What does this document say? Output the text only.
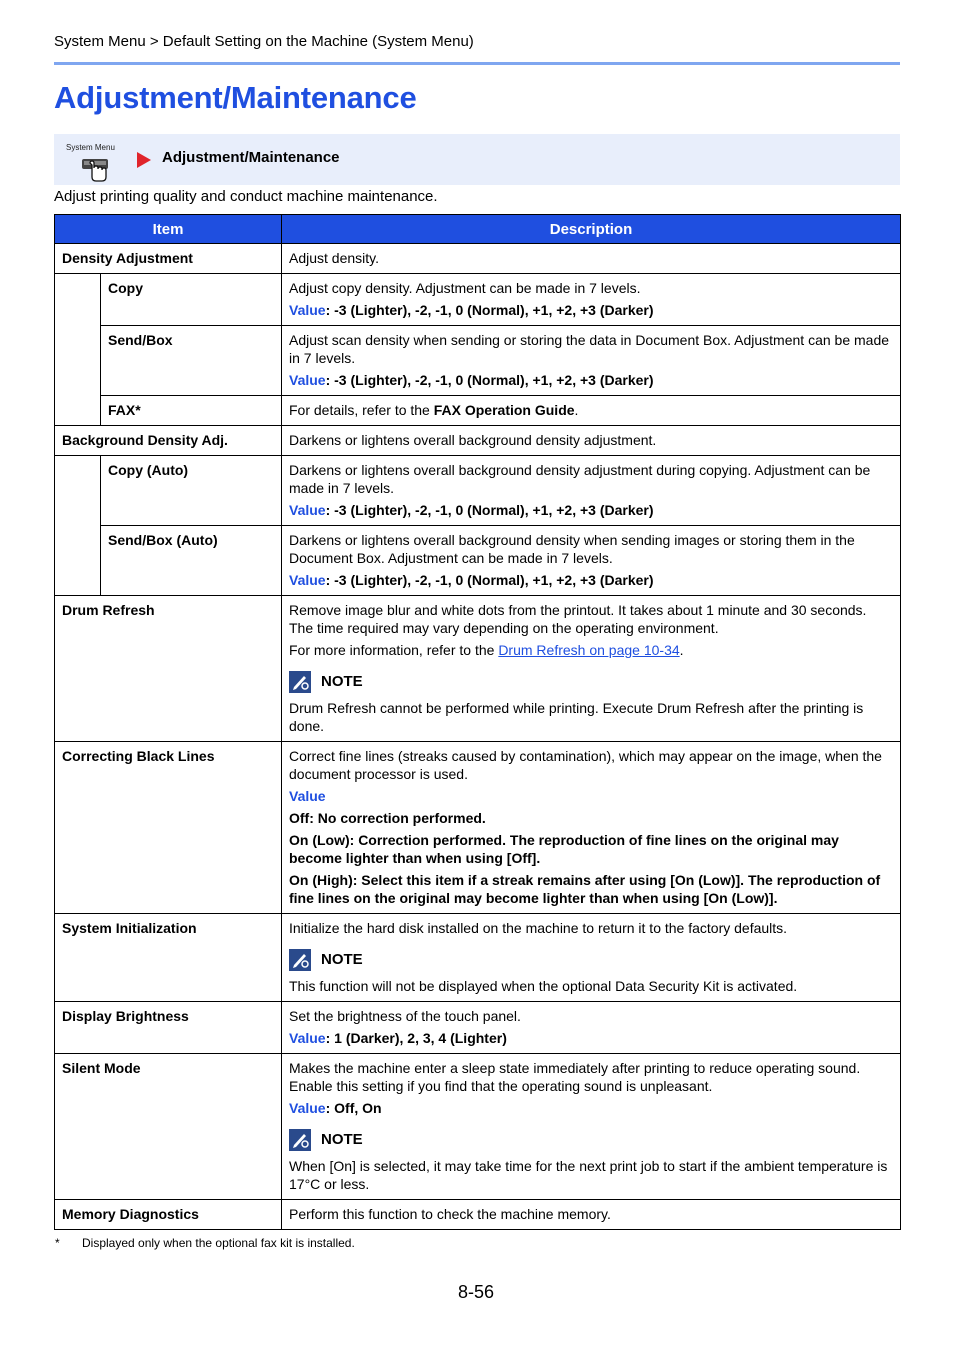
System Menu > Default Setting on the Machine (System Menu)
Adjustment/Maintenance
System Menu
Adjustment/Maintenance
Adjust printing quality and conduct machine maintenance.
Item		Description
Density Adjustment		Adjust density.

	Copy	Adjust copy density. Adjustment can be made in 7 levels.

Value: -3 (Lighter), -2, -1, 0 (Normal), +1, +2, +3 (Darker)

	Send/Box	Adjust scan density when sending or storing the data in Document Box. Adjustment can be made in 7 levels.

Value: -3 (Lighter), -2, -1, 0 (Normal), +1, +2, +3 (Darker)

	FAX*	For details, refer to the FAX Operation Guide.

Background Density Adj.		Darkens or lightens overall background density adjustment.

	Copy (Auto)	Darkens or lightens overall background density adjustment during copying. Adjustment can be made in 7 levels.

Value: -3 (Lighter), -2, -1, 0 (Normal), +1, +2, +3 (Darker)

	Send/Box (Auto)	Darkens or lightens overall background density when sending images or storing them in the Document Box. Adjustment can be made in 7 levels.

Value: -3 (Lighter), -2, -1, 0 (Normal), +1, +2, +3 (Darker)

Drum Refresh		Remove image blur and white dots from the printout. It takes about 1 minute and 30 seconds. The time required may vary depending on the operating environment.

For more information, refer to the Drum Refresh on page 10-34.

NOTE

Drum Refresh cannot be performed while printing. Execute Drum Refresh after the printing is done.

Correcting Black Lines		Correct fine lines (streaks caused by contamination), which may appear on the image, when the document processor is used.

Value

Off: No correction performed.

On (Low): Correction performed. The reproduction of fine lines on the original may become lighter than when using [Off].

On (High): Select this item if a streak remains after using [On (Low)]. The reproduction of fine lines on the original may become lighter than when using [On (Low)].

System Initialization		Initialize the hard disk installed on the machine to return it to the factory defaults.

NOTE

This function will not be displayed when the optional Data Security Kit is activated.

Display Brightness		Set the brightness of the touch panel.

Value: 1 (Darker), 2, 3, 4 (Lighter)

Silent Mode		Makes the machine enter a sleep state immediately after printing to reduce operating sound. Enable this setting if you find that the operating sound is unpleasant.

Value: Off, On

NOTE

When [On] is selected, it may take time for the next print job to start if the ambient temperature is 17°C or less.

Memory Diagnostics		Perform this function to check the machine memory.

* Displayed only when the optional fax kit is installed.
8-56
